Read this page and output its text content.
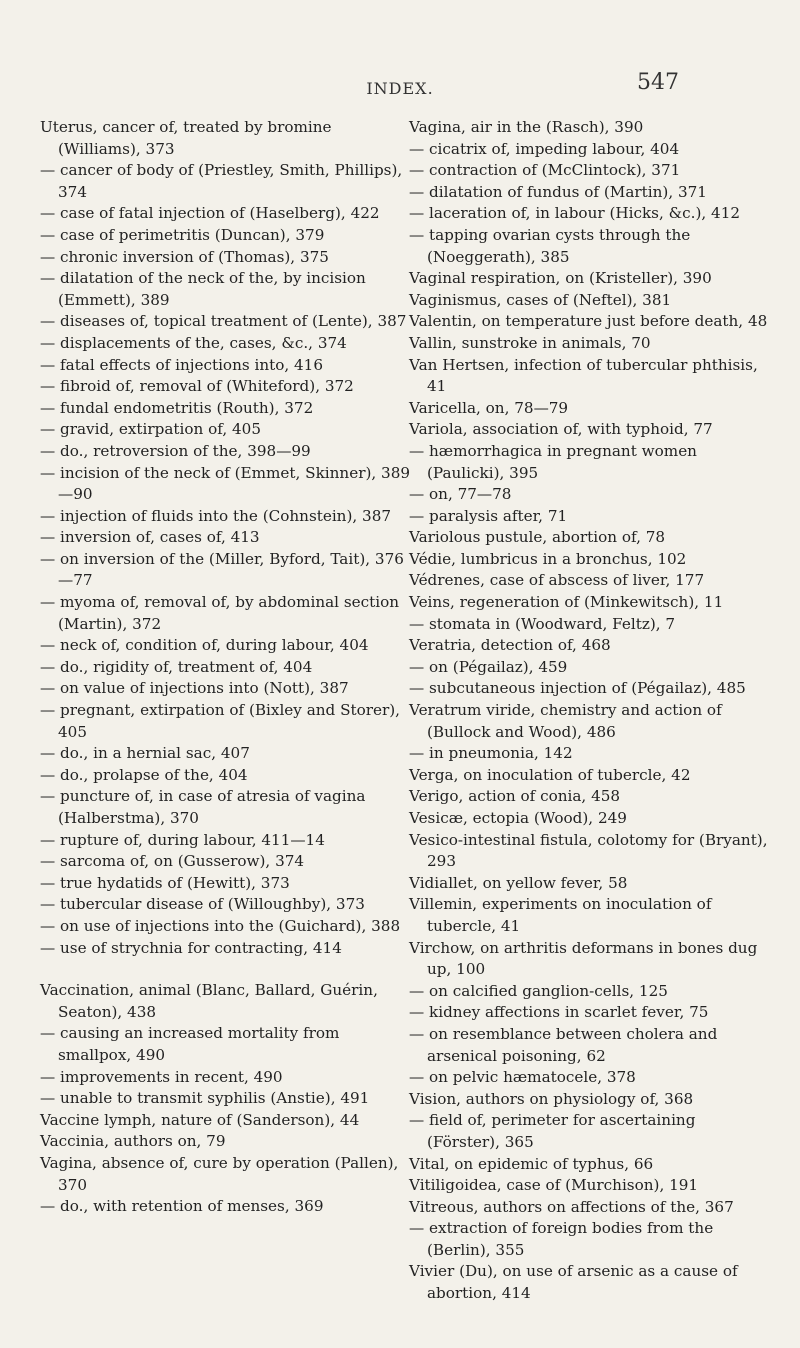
INDEX.	547

Uterus, cancer of, treated by bromine (Williams), 373

— cancer of body of (Priestley, Smith, Phillips), 374

— case of fatal injection of (Haselberg), 422

— case of perimetritis (Duncan), 379

— chronic inversion of (Thomas), 375

— dilatation of the neck of the, by incision (Emmett), 389

— diseases of, topical treatment of (Lente), 387

— displacements of the, cases, &c., 374

— fatal effects of injections into, 416

— fibroid of, removal of (Whiteford), 372

— fundal endometritis (Routh), 372

— gravid, extirpation of, 405

— do., retroversion of the, 398—99

— incision of the neck of (Emmet, Skinner), 389—90

— injection of fluids into the (Cohnstein), 387

— inversion of, cases of, 413

— on inversion of the (Miller, Byford, Tait), 376—77

— myoma of, removal of, by abdominal section (Martin), 372

— neck of, condition of, during labour, 404

— do., rigidity of, treatment of, 404

— on value of injections into (Nott), 387

— pregnant, extirpation of (Bixley and Storer), 405

— do., in a hernial sac, 407

— do., prolapse of the, 404

— puncture of, in case of atresia of vagina (Halberstma), 370

— rupture of, during labour, 411—14

— sarcoma of, on (Gusserow), 374

— true hydatids of (Hewitt), 373

— tubercular disease of (Willoughby), 373

— on use of injections into the (Guichard), 388

— use of strychnia for contracting, 414

Vaccination, animal (Blanc, Ballard, Guérin, Seaton), 438

— causing an increased mortality from smallpox, 490

— improvements in recent, 490

— unable to transmit syphilis (Anstie), 491

Vaccine lymph, nature of (Sanderson), 44

Vaccinia, authors on, 79

Vagina, absence of, cure by operation (Pallen), 370

— do., with retention of menses, 369

Vagina, air in the (Rasch), 390

— cicatrix of, impeding labour, 404

— contraction of (McClintock), 371

— dilatation of fundus of (Martin), 371

— laceration of, in labour (Hicks, &c.), 412

— tapping ovarian cysts through the (Noeggerath), 385

Vaginal respiration, on (Kristeller), 390

Vaginismus, cases of (Neftel), 381

Valentin, on temperature just before death, 48

Vallin, sunstroke in animals, 70

Van Hertsen, infection of tubercular phthisis, 41

Varicella, on, 78—79

Variola, association of, with typhoid, 77

— hæmorrhagica in pregnant women (Paulicki), 395

— on, 77—78

— paralysis after, 71

Variolous pustule, abortion of, 78

Védie, lumbricus in a bronchus, 102

Védrenes, case of abscess of liver, 177

Veins, regeneration of (Minkewitsch), 11

— stomata in (Woodward, Feltz), 7

Veratria, detection of, 468

— on (Pégailaz), 459

— subcutaneous injection of (Pégailaz), 485

Veratrum viride, chemistry and action of (Bullock and Wood), 486

— in pneumonia, 142

Verga, on inoculation of tubercle, 42

Verigo, action of conia, 458

Vesicæ, ectopia (Wood), 249

Vesico-intestinal fistula, colotomy for (Bryant), 293

Vidiallet, on yellow fever, 58

Villemin, experiments on inoculation of tubercle, 41

Virchow, on arthritis deformans in bones dug up, 100

— on calcified ganglion-cells, 125

— kidney affections in scarlet fever, 75

— on resemblance between cholera and arsenical poisoning, 62

— on pelvic hæmatocele, 378

Vision, authors on physiology of, 368

— field of, perimeter for ascertaining (Förster), 365

Vital, on epidemic of typhus, 66

Vitiligoidea, case of (Murchison), 191

Vitreous, authors on affections of the, 367

— extraction of foreign bodies from the (Berlin), 355

Vivier (Du), on use of arsenic as a cause of abortion, 414
